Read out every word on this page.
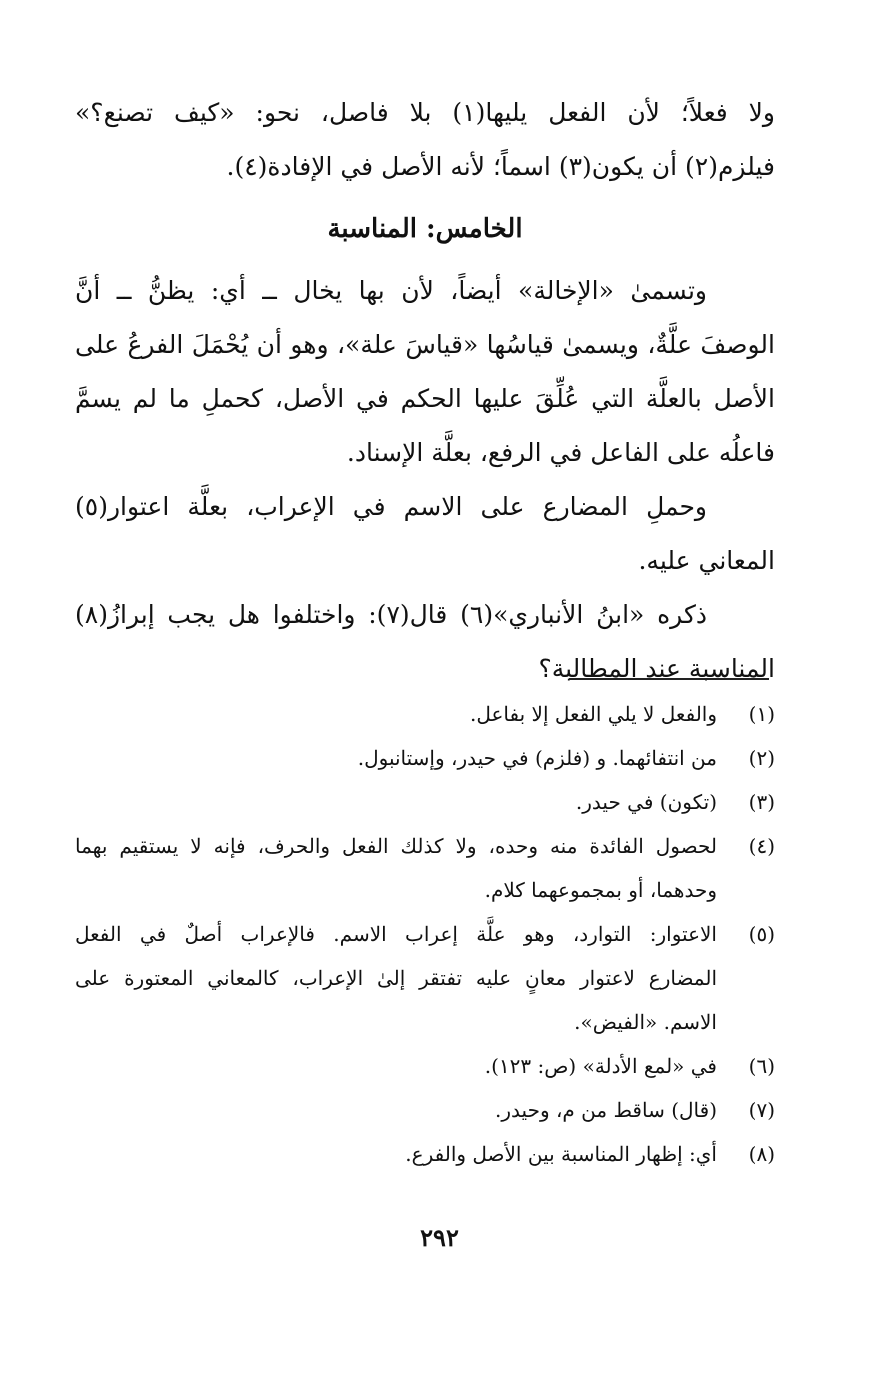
ولا فعلاً؛ لأن الفعل يليها(١) بلا فاصل، نحو: «كيف تصنع؟»
فيلزم(٢) أن يكون(٣) اسماً؛ لأنه الأصل في الإفادة(٤).
الخامس: المناسبة
وتسمىٰ «الإخالة» أيضاً، لأن بها يخال ــ أي: يظنُّ ــ أنَّ
الوصفَ علَّةٌ، ويسمىٰ قياسُها «قياسَ علة»، وهو أن يُحْمَلَ الفرعُ على
الأصل بالعلَّة التي عُلِّقَ عليها الحكم في الأصل، كحملِ ما لم يسمَّ
فاعلُه على الفاعل في الرفع، بعلَّة الإسناد.
وحملِ المضارع على الاسم في الإعراب، بعلَّة اعتوار(٥)
المعاني عليه.
ذكره «ابنُ الأنباري»(٦) قال(٧): واختلفوا هل يجب إبرازُ(٨)
المناسبة عند المطالبة؟
(١)
والفعل لا يلي الفعل إلا بفاعل.
(٢)
من انتفائهما. و (فلزم) في حيدر، وإستانبول.
(٣)
(تكون) في حيدر.
(٤)
لحصول الفائدة منه وحده، ولا كذلك الفعل والحرف، فإنه لا يستقيم بهما
وحدهما، أو بمجموعهما كلام.
(٥)
الاعتوار: التوارد، وهو علَّة إعراب الاسم. فالإعراب أصلٌ في الفعل
المضارع لاعتوار معانٍ عليه تفتقر إلىٰ الإعراب، كالمعاني المعتورة على
الاسم. «الفيض».
(٦)
في «لمع الأدلة» (ص: ١٢٣).
(٧)
(قال) ساقط من م، وحيدر.
(٨)
أي: إظهار المناسبة بين الأصل والفرع.
٢٩٢
